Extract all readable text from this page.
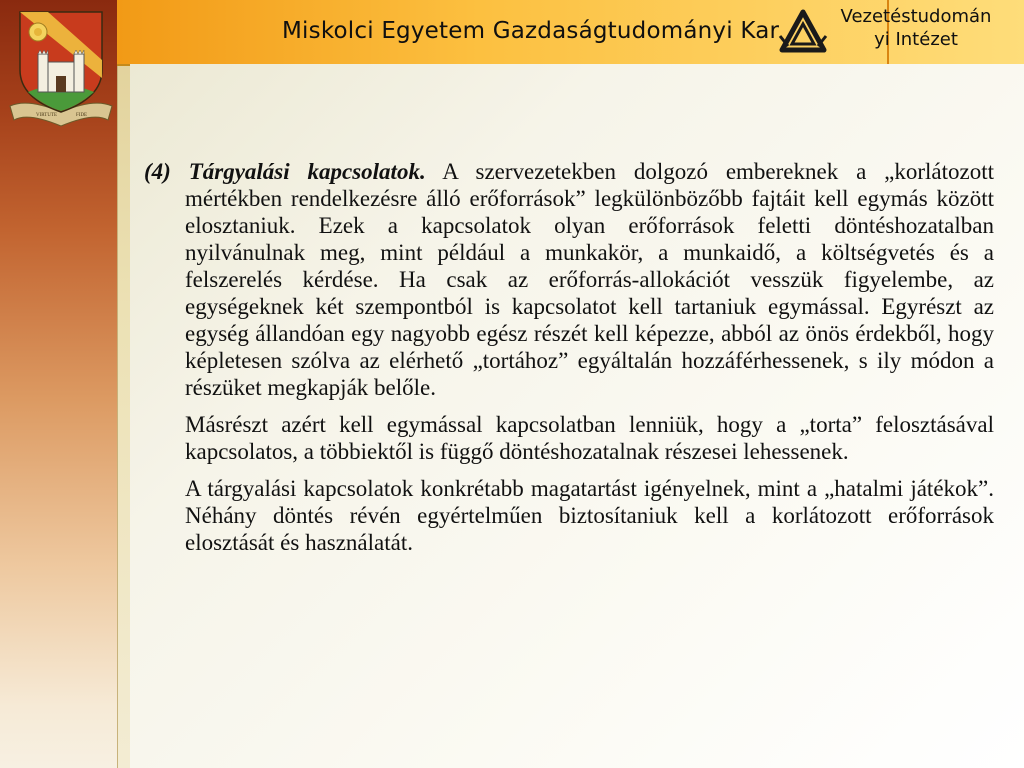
VIRTUTE	FIDE
Miskolci Egyetem Gazdaságtudományi Kar
Vezetéstudomán
yi Intézet

(4) Tárgyalási kapcsolatok. A szervezetekben dolgozó embereknek a „korlátozott mértékben rendelkezésre álló erőforrások” legkülönbözőbb fajtáit kell egymás között elosztaniuk. Ezek a kapcsolatok olyan erőforrások feletti döntéshozatalban nyilvánulnak meg, mint például a munkakör, a munkaidő, a költségvetés és a felszerelés kérdése. Ha csak az erőforrás-allokációt vesszük figyelembe, az egységeknek két szempontból is kapcsolatot kell tartaniuk egymással. Egyrészt az egység állandóan egy nagyobb egész részét kell képezze, abból az önös érdekből, hogy képletesen szólva az elérhető „tortához” egyáltalán hozzáférhessenek, s ily módon a részüket megkapják belőle.

Másrészt azért kell egymással kapcsolatban lenniük, hogy a „torta” felosztásával kapcsolatos, a többiektől is függő döntéshozatalnak részesei lehessenek.

A tárgyalási kapcsolatok konkrétabb magatartást igényelnek, mint a „hatalmi játékok”. Néhány döntés révén egyértelműen biztosítaniuk kell a korlátozott erőforrások elosztását és használatát.
